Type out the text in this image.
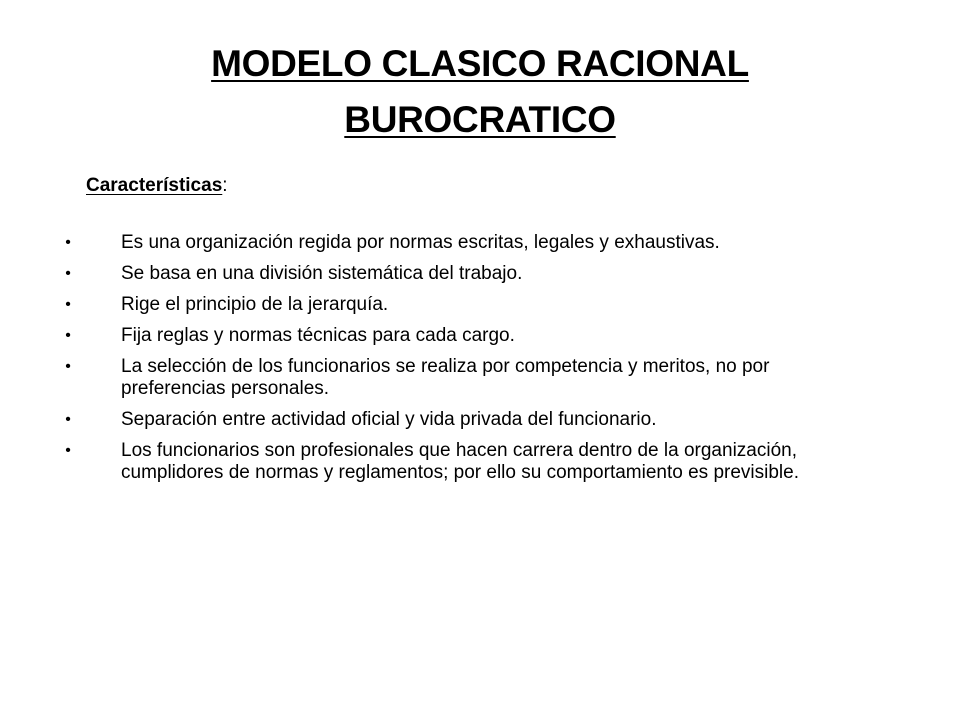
MODELO CLASICO RACIONAL
BUROCRATICO
Características:
•	Es una organización regida por normas escritas, legales y exhaustivas.
•	Se basa en una división sistemática del trabajo.
•	Rige el principio de la jerarquía.
•	Fija reglas y normas técnicas para cada cargo.
•	La selección de los funcionarios se realiza por competencia y meritos, no por preferencias personales.
•	Separación entre actividad oficial y vida privada del funcionario.
•	Los funcionarios son profesionales que hacen carrera dentro de la organización, cumplidores de normas y reglamentos; por ello su comportamiento es previsible.
